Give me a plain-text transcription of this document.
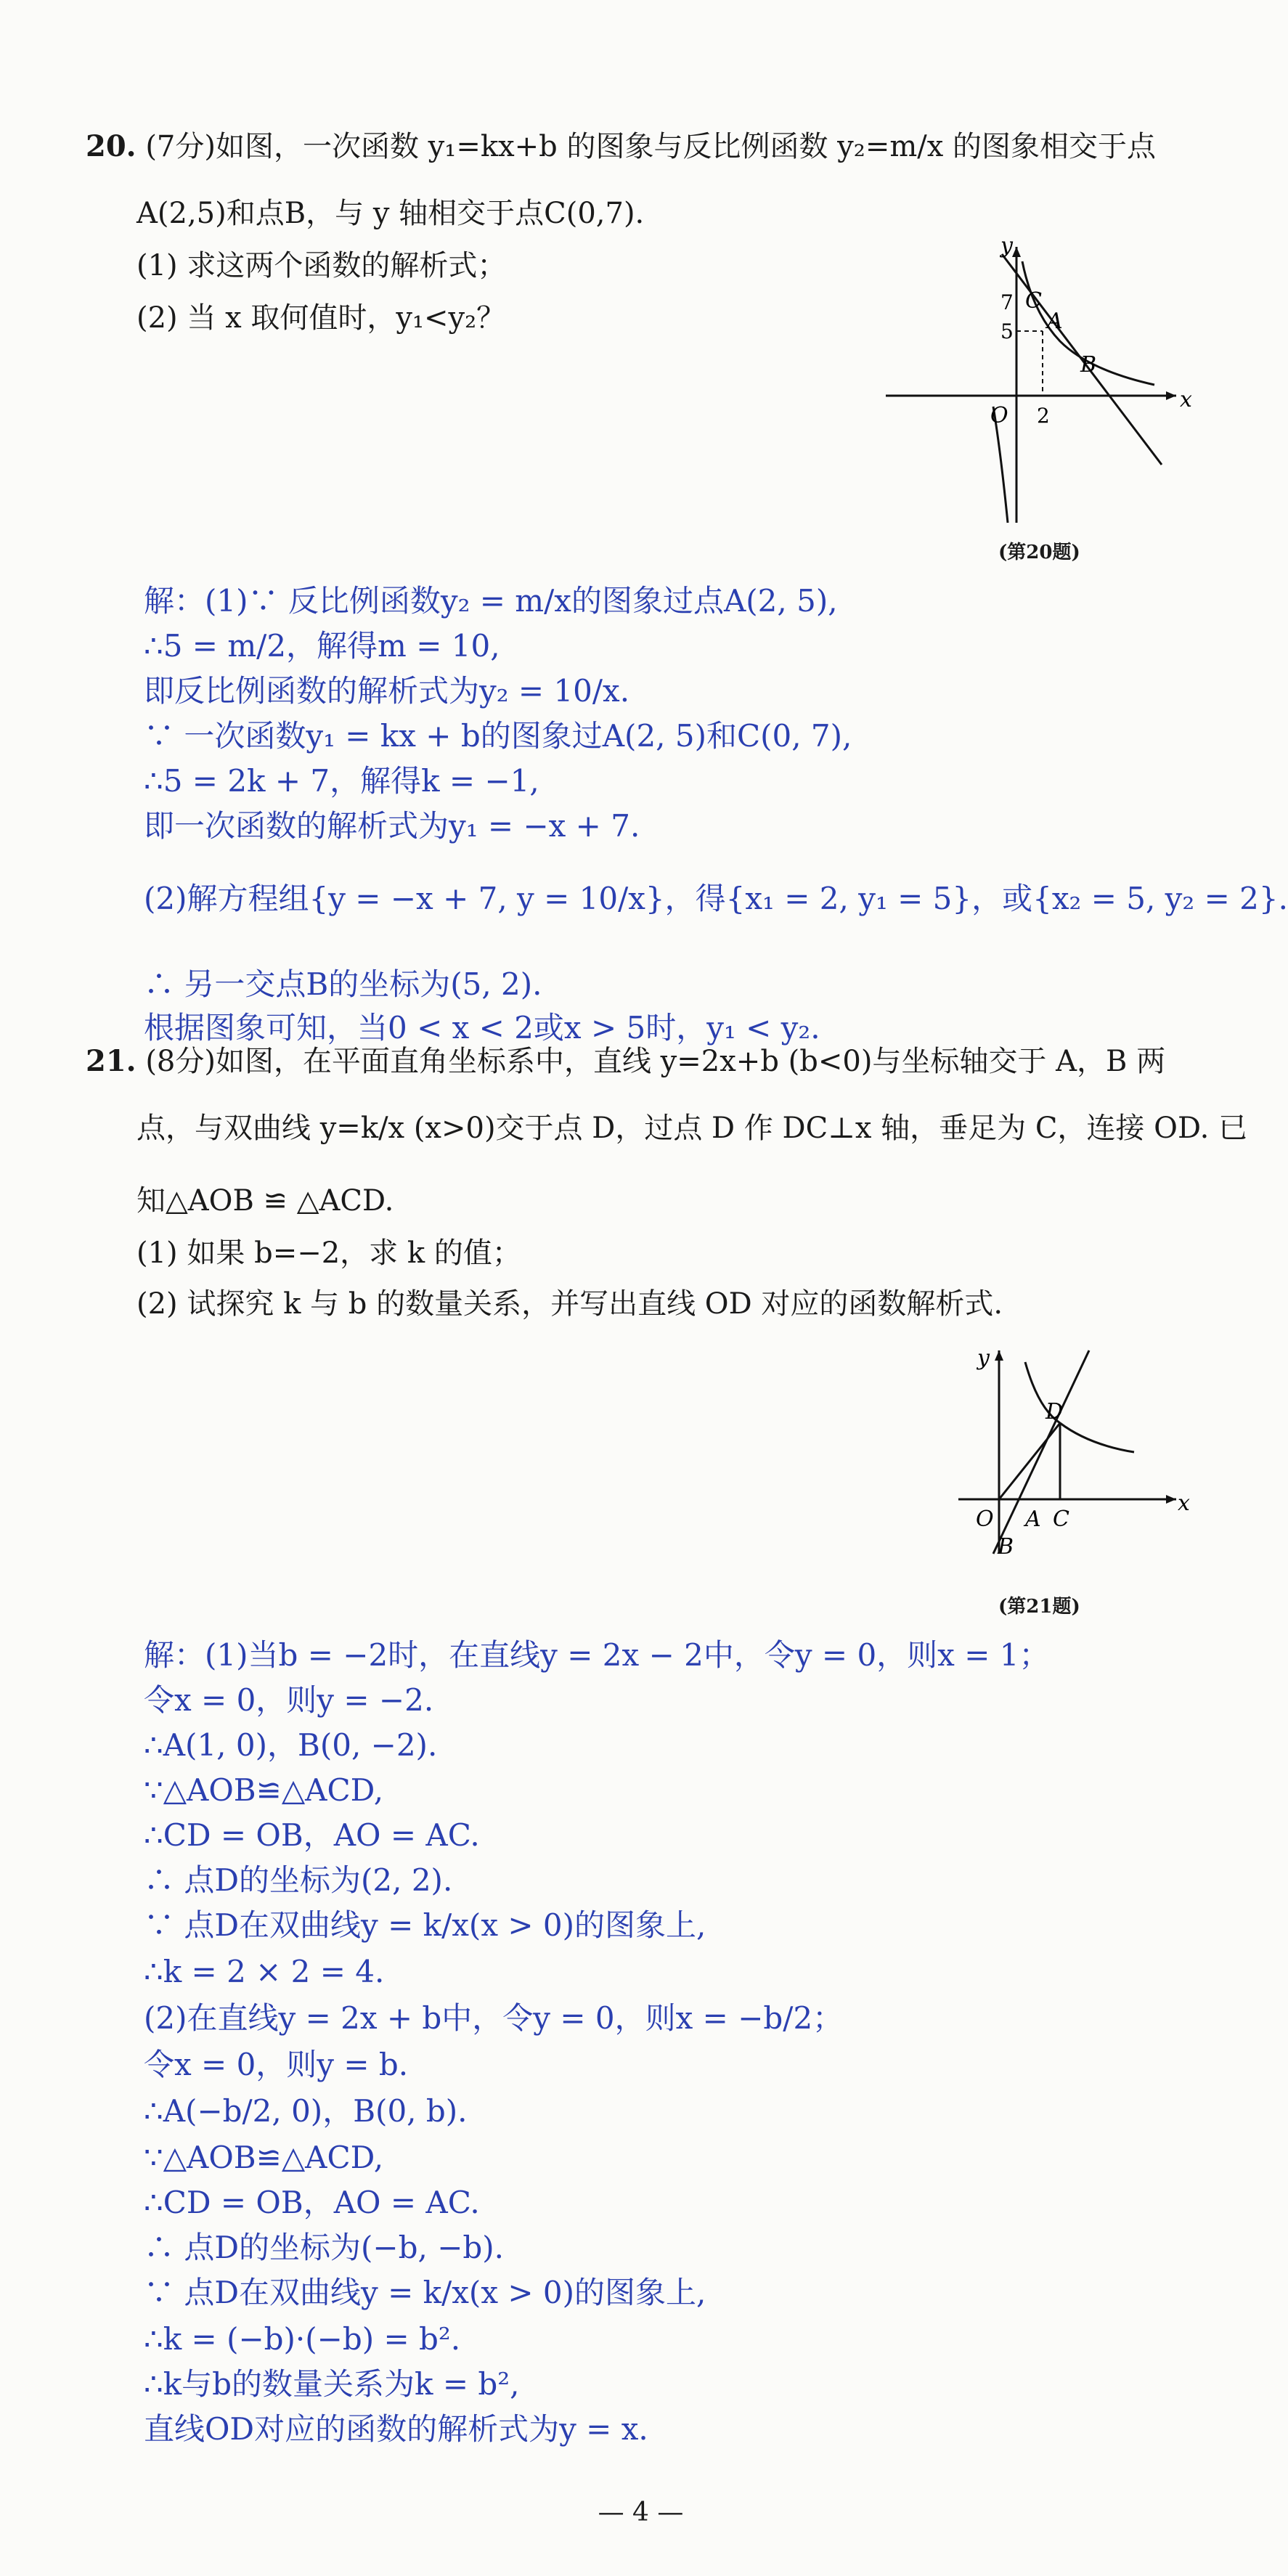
20. (7分)如图，一次函数 y₁=kx+b 的图象与反比例函数 y₂=m/x 的图象相交于点
A(2,5)和点B，与 y 轴相交于点C(0,7).
(1) 求这两个函数的解析式；
(2) 当 x 取何值时，y₁<y₂？
y
x
O
C
A
B
7
5
2
(第20题)
解：(1)∵ 反比例函数y₂ = m/x的图象过点A(2, 5),
∴5 = m/2，解得m = 10,
即反比例函数的解析式为y₂ = 10/x.
∵ 一次函数y₁ = kx + b的图象过A(2, 5)和C(0, 7),
∴5 = 2k + 7，解得k = −1,
即一次函数的解析式为y₁ = −x + 7.
(2)解方程组{y = −x + 7, y = 10/x}，得{x₁ = 2, y₁ = 5}，或{x₂ = 5, y₂ = 2}.
∴ 另一交点B的坐标为(5, 2).
根据图象可知，当0 < x < 2或x > 5时，y₁ < y₂.
21. (8分)如图，在平面直角坐标系中，直线 y=2x+b (b<0)与坐标轴交于 A，B 两
点，与双曲线 y=k/x (x>0)交于点 D，过点 D 作 DC⊥x 轴，垂足为 C，连接 OD. 已
知△AOB ≌ △ACD.
(1) 如果 b=−2，求 k 的值；
(2) 试探究 k 与 b 的数量关系，并写出直线 OD 对应的函数解析式.
y
x
O A C
D
B
(第21题)
解：(1)当b = −2时，在直线y = 2x − 2中，令y = 0，则x = 1；
令x = 0，则y = −2.
∴A(1, 0)，B(0, −2).
∵△AOB≌△ACD,
∴CD = OB，AO = AC.
∴ 点D的坐标为(2, 2).
∵ 点D在双曲线y = k/x(x > 0)的图象上,
∴k = 2 × 2 = 4.
(2)在直线y = 2x + b中，令y = 0，则x = −b/2；
令x = 0，则y = b.
∴A(−b/2, 0)，B(0, b).
∵△AOB≌△ACD,
∴CD = OB，AO = AC.
∴ 点D的坐标为(−b, −b).
∵ 点D在双曲线y = k/x(x > 0)的图象上,
∴k = (−b)·(−b) = b².
∴k与b的数量关系为k = b²,
直线OD对应的函数的解析式为y = x.
— 4 —
